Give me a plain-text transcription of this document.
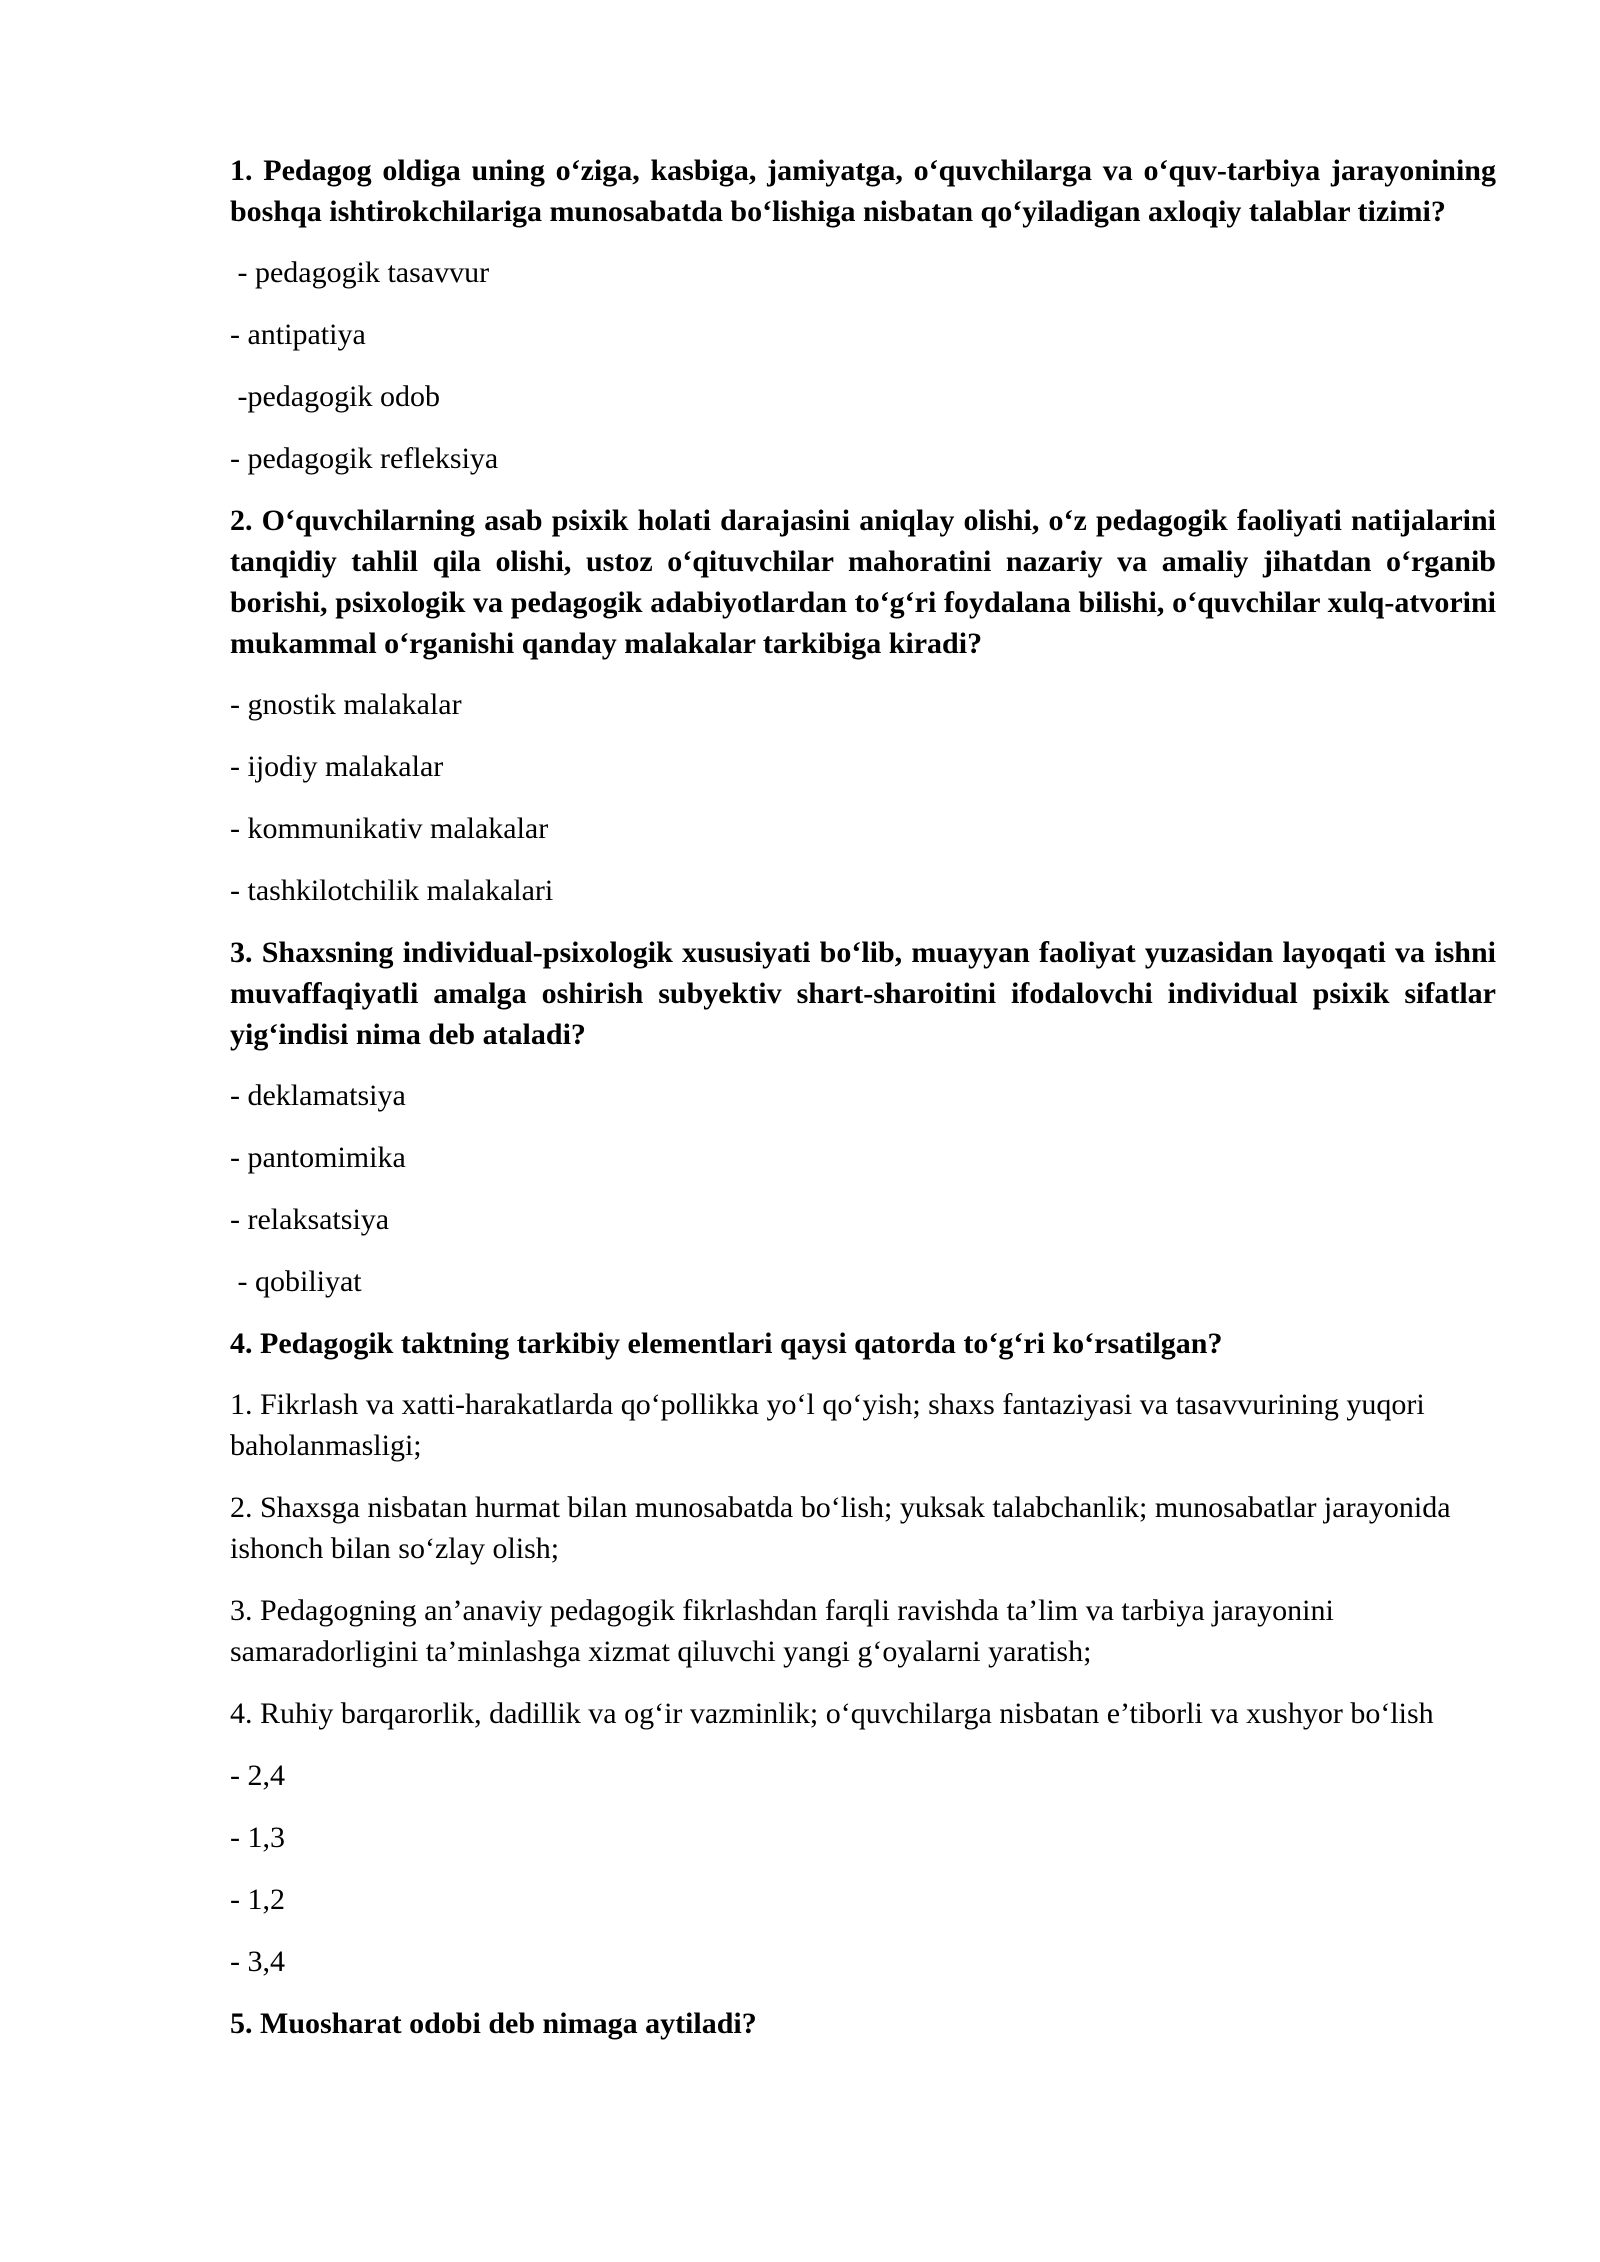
1. Pedagog oldiga uning o‘ziga, kasbiga, jamiyatga, o‘quvchilarga va o‘quv-tarbiya jarayonining boshqa ishtirokchilariga munosabatda bo‘lishiga nisbatan qo‘yiladigan axloqiy talablar tizimi?

- pedagogik tasavvur

- antipatiya

-pedagogik odob

- pedagogik refleksiya

2. O‘quvchilarning asab psixik holati darajasini aniqlay olishi, o‘z pedagogik faoliyati natijalarini tanqidiy tahlil qila olishi, ustoz o‘qituvchilar mahoratini nazariy va amaliy jihatdan o‘rganib borishi, psixologik va pedagogik adabiyotlardan to‘g‘ri foydalana bilishi, o‘quvchilar xulq-atvorini mukammal o‘rganishi qanday malakalar tarkibiga kiradi?

- gnostik malakalar

- ijodiy malakalar

- kommunikativ malakalar

- tashkilotchilik malakalari

3. Shaxsning individual-psixologik xususiyati bo‘lib, muayyan faoliyat yuzasidan layoqati va ishni muvaffaqiyatli amalga oshirish subyektiv shart-sharoitini ifodalovchi individual psixik sifatlar yig‘indisi nima deb ataladi?

- deklamatsiya

- pantomimika

- relaksatsiya

- qobiliyat

4. Pedagogik taktning tarkibiy elementlari qaysi qatorda to‘g‘ri ko‘rsatilgan?

1. Fikrlash va xatti-harakatlarda qo‘pollikka yo‘l qo‘yish; shaxs fantaziyasi va tasavvurining yuqori baholanmasligi;

2. Shaxsga nisbatan hurmat bilan munosabatda bo‘lish; yuksak talabchanlik; munosabatlar jarayonida ishonch bilan so‘zlay olish;

3. Pedagogning an’anaviy pedagogik fikrlashdan farqli ravishda ta’lim va tarbiya jarayonini samaradorligini ta’minlashga xizmat qiluvchi yangi g‘oyalarni yaratish;

4. Ruhiy barqarorlik, dadillik va og‘ir vazminlik; o‘quvchilarga nisbatan e’tiborli va xushyor bo‘lish

- 2,4

- 1,3

- 1,2

- 3,4

5. Muosharat odobi deb nimaga aytiladi?
